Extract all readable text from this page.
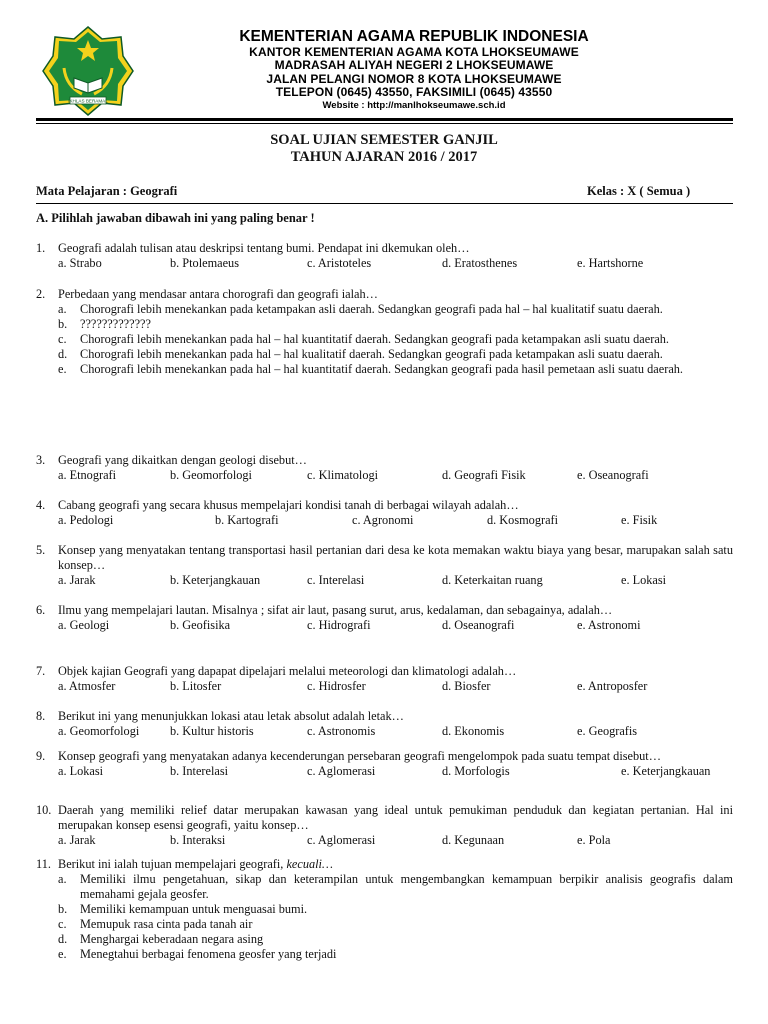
IKHLAS BERAMAL
KEMENTERIAN AGAMA REPUBLIK INDONESIA
KANTOR KEMENTERIAN AGAMA KOTA LHOKSEUMAWE
MADRASAH ALIYAH NEGERI 2 LHOKSEUMAWE
JALAN PELANGI NOMOR 8 KOTA LHOKSEUMAWE
TELEPON (0645) 43550, FAKSIMILI (0645) 43550
Website : http://manlhokseumawe.sch.id
SOAL UJIAN SEMESTER GANJIL
TAHUN AJARAN 2016 / 2017
Mata Pelajaran : Geografi	Kelas : X ( Semua )
A. Pilihlah jawaban dibawah ini yang paling benar !
1. Geografi adalah tulisan atau deskripsi tentang bumi. Pendapat ini dkemukan oleh…
a. Strabo	b. Ptolemaeus	c. Aristoteles	d. Eratosthenes	e. Hartshorne
2. Perbedaan yang mendasar antara chorografi dan geografi ialah…
a. Chorografi lebih menekankan pada ketampakan asli daerah. Sedangkan geografi pada hal – hal kualitatif suatu daerah.
b. ?????????????
c. Chorografi lebih menekankan pada hal – hal kuantitatif daerah. Sedangkan geografi pada ketampakan asli suatu daerah.
d. Chorografi lebih menekankan pada hal – hal kualitatif daerah. Sedangkan geografi pada ketampakan asli suatu daerah.
e. Chorografi lebih menekankan pada hal – hal kuantitatif daerah. Sedangkan geografi pada hasil pemetaan asli suatu daerah.
3. Geografi yang dikaitkan dengan geologi disebut…
a. Etnografi	b. Geomorfologi	c. Klimatologi	d. Geografi Fisik	e. Oseanografi
4. Cabang geografi yang secara khusus mempelajari kondisi tanah di berbagai wilayah adalah…
a. Pedologi	b. Kartografi	c. Agronomi	d. Kosmografi	e. Fisik
5. Konsep yang menyatakan tentang transportasi hasil pertanian dari desa ke kota memakan waktu biaya yang besar, marupakan salah satu konsep…
a. Jarak	b. Keterjangkauan	c. Interelasi	d. Keterkaitan ruang	e. Lokasi
6. Ilmu yang mempelajari lautan. Misalnya ; sifat air laut, pasang surut, arus, kedalaman, dan sebagainya, adalah…
a. Geologi	b. Geofisika	c. Hidrografi	d. Oseanografi	e. Astronomi
7. Objek kajian Geografi yang dapapat dipelajari melalui meteorologi dan klimatologi adalah…
a. Atmosfer	b. Litosfer	c. Hidrosfer	d. Biosfer	e. Antroposfer
8. Berikut ini yang menunjukkan lokasi atau letak absolut adalah letak…
a. Geomorfologi b. Kultur historis	c. Astronomis	d. Ekonomis	e. Geografis
9. Konsep geografi yang menyatakan adanya kecenderungan persebaran geografi mengelompok pada suatu tempat disebut…
a. Lokasi	b. Interelasi	c. Aglomerasi	d. Morfologis	e. Keterjangkauan
10. Daerah yang memiliki relief datar merupakan kawasan yang ideal untuk pemukiman penduduk dan kegiatan pertanian. Hal ini merupakan konsep esensi geografi, yaitu konsep…
a. Jarak	b. Interaksi	c. Aglomerasi	d. Kegunaan	e. Pola
11. Berikut ini ialah tujuan mempelajari geografi, kecuali…
a. Memiliki ilmu pengetahuan, sikap dan keterampilan untuk mengembangkan kemampuan berpikir analisis geografis dalam memahami gejala geosfer.
b. Memiliki kemampuan untuk menguasai bumi.
c. Memupuk rasa cinta pada tanah air
d. Menghargai keberadaan negara asing
e. Menegtahui berbagai fenomena geosfer yang terjadi
